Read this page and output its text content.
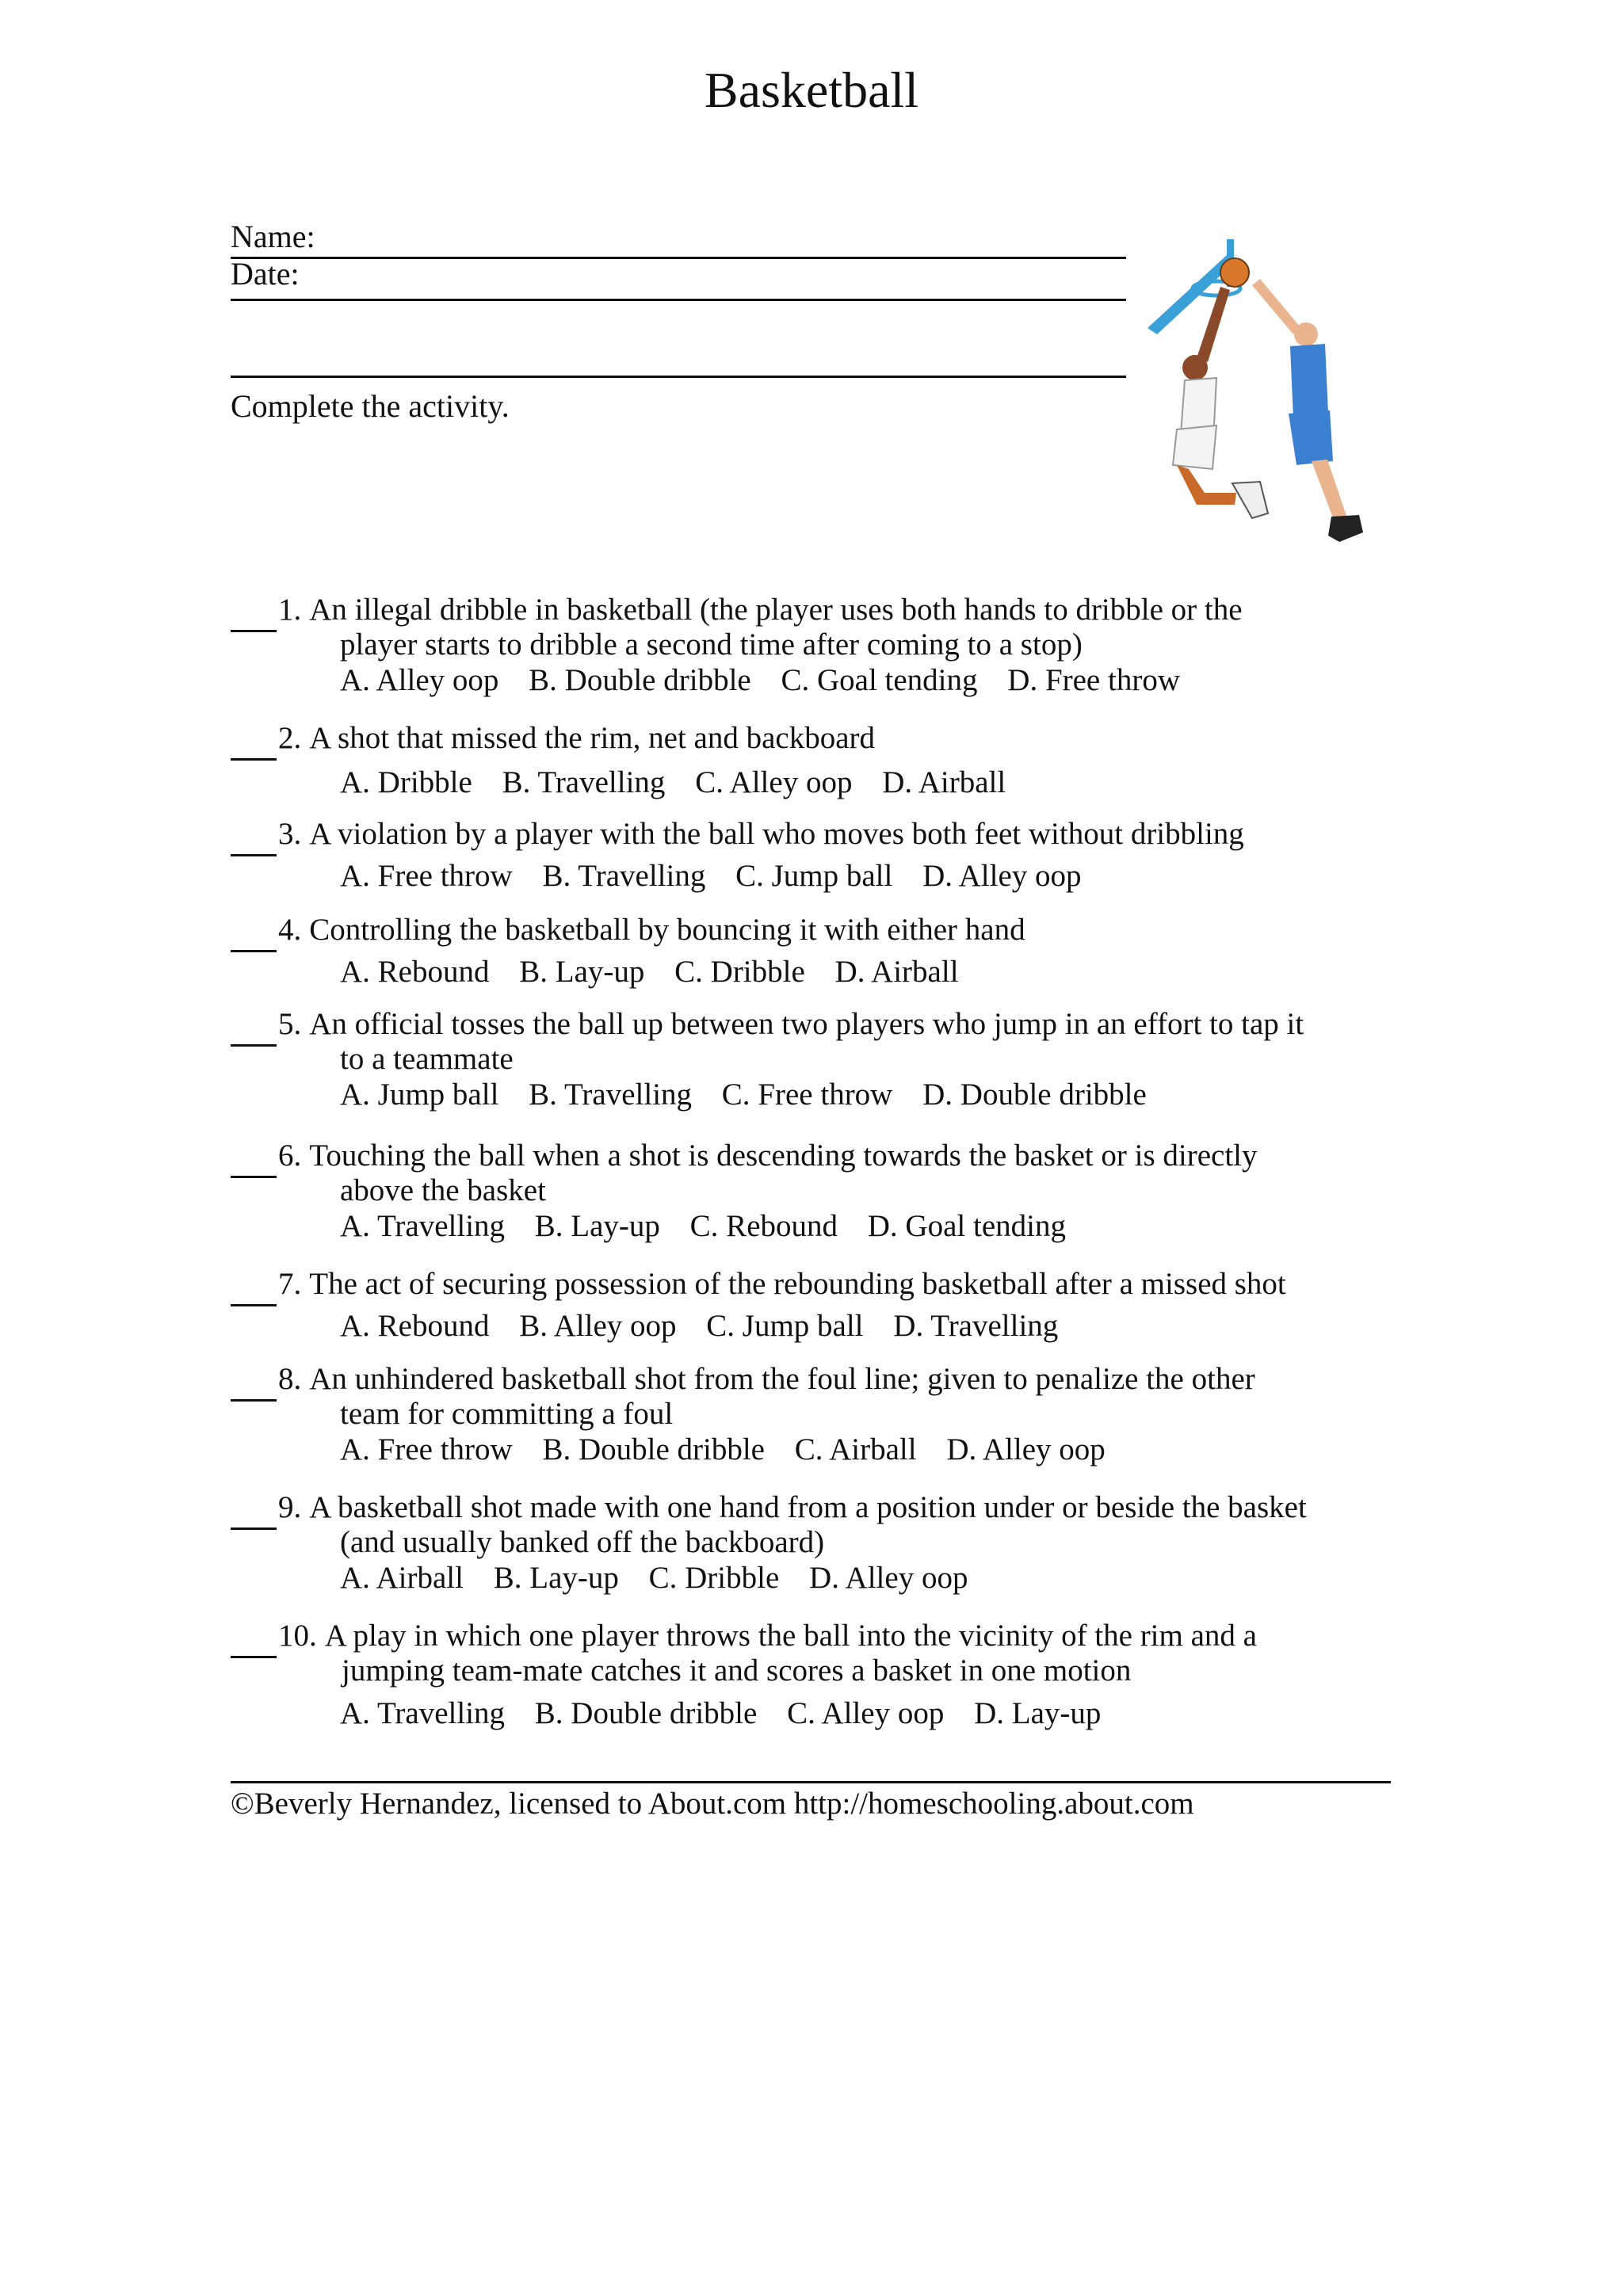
Basketball
Name:
Date:
Complete the activity.
1. An illegal dribble in basketball (the player uses both hands to dribble or the
player starts to dribble a second time after coming to a stop)
A. Alley oop B. Double dribble C. Goal tending D. Free throw
2. A shot that missed the rim, net and backboard
A. Dribble B. Travelling C. Alley oop D. Airball
3. A violation by a player with the ball who moves both feet without dribbling
A. Free throw B. Travelling C. Jump ball D. Alley oop
4. Controlling the basketball by bouncing it with either hand
A. Rebound B. Lay-up C. Dribble D. Airball
5. An official tosses the ball up between two players who jump in an effort to tap it
to a teammate
A. Jump ball B. Travelling C. Free throw D. Double dribble
6. Touching the ball when a shot is descending towards the basket or is directly
above the basket
A. Travelling B. Lay-up C. Rebound D. Goal tending
7. The act of securing possession of the rebounding basketball after a missed shot
A. Rebound B. Alley oop C. Jump ball D. Travelling
8. An unhindered basketball shot from the foul line; given to penalize the other
team for committing a foul
A. Free throw B. Double dribble C. Airball D. Alley oop
9. A basketball shot made with one hand from a position under or beside the basket
(and usually banked off the backboard)
A. Airball B. Lay-up C. Dribble D. Alley oop
10. A play in which one player throws the ball into the vicinity of the rim and a
jumping team-mate catches it and scores a basket in one motion
A. Travelling B. Double dribble C. Alley oop D. Lay-up
©Beverly Hernandez, licensed to About.com http://homeschooling.about.com
